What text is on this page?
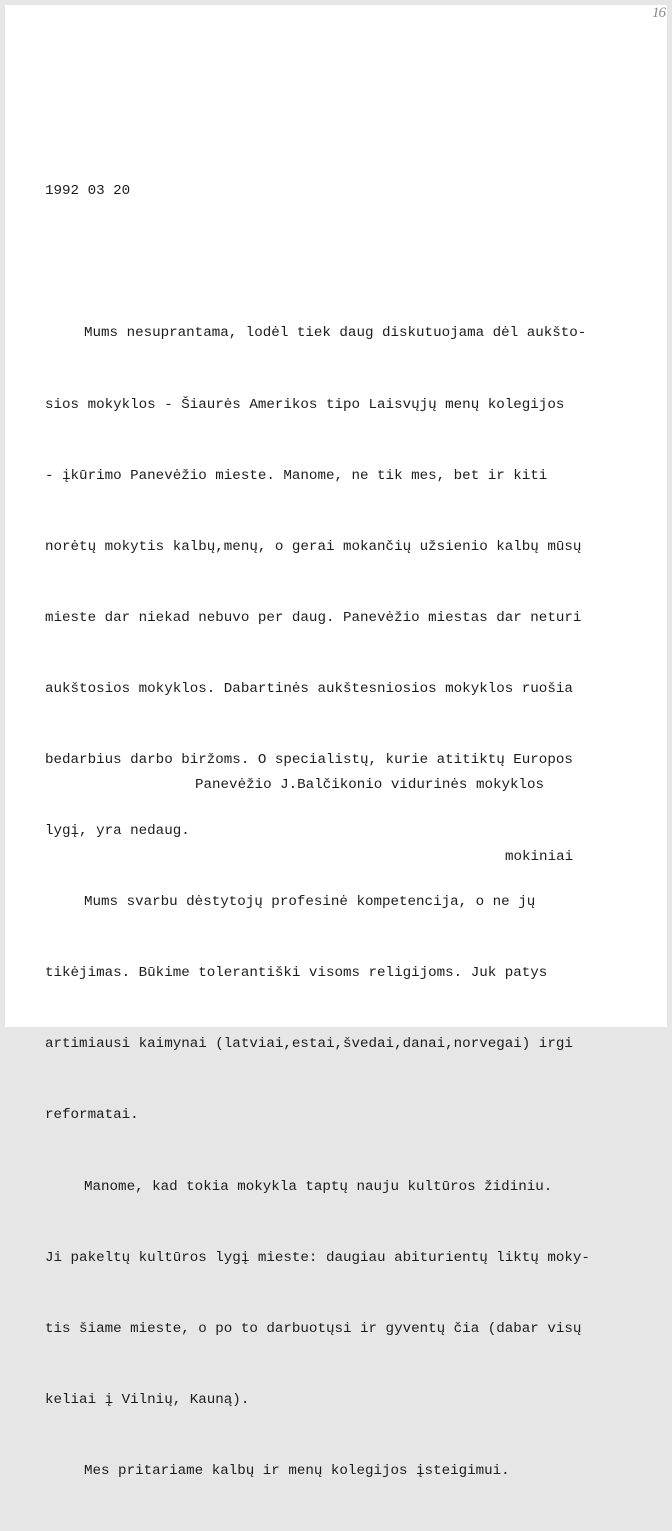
16
1992 03 20

Mums nesuprantama, lodėl tiek daug diskutuojama dėl aukšto-

sios mokyklos - Šiaurės Amerikos tipo Laisvųjų menų kolegijos

- įkūrimo Panevėžio mieste. Manome, ne tik mes, bet ir kiti

norėtų mokytis kalbų,menų, o gerai mokančių užsienio kalbų mūsų

mieste dar niekad nebuvo per daug. Panevėžio miestas dar neturi

aukštosios mokyklos. Dabartinės aukštesniosios mokyklos ruošia

bedarbius darbo biržoms. O specialistų, kurie atitiktų Europos

lygį, yra nedaug.

Mums svarbu dėstytojų profesinė kompetencija, o ne jų

tikėjimas. Būkime tolerantiški visoms religijoms. Juk patys

artimiausi kaimynai (latviai,estai,švedai,danai,norvegai) irgi

reformatai.

Manome, kad tokia mokykla taptų nauju kultūros židiniu.

Ji pakeltų kultūros lygį mieste: daugiau abiturientų liktų moky-

tis šiame mieste, o po to darbuotųsi ir gyventų čia (dabar visų

keliai į Vilnių, Kauną).

Mes pritariame kalbų ir menų kolegijos įsteigimui.

Panevėžio J.Balčikonio vidurinės mokyklos

mokiniai
